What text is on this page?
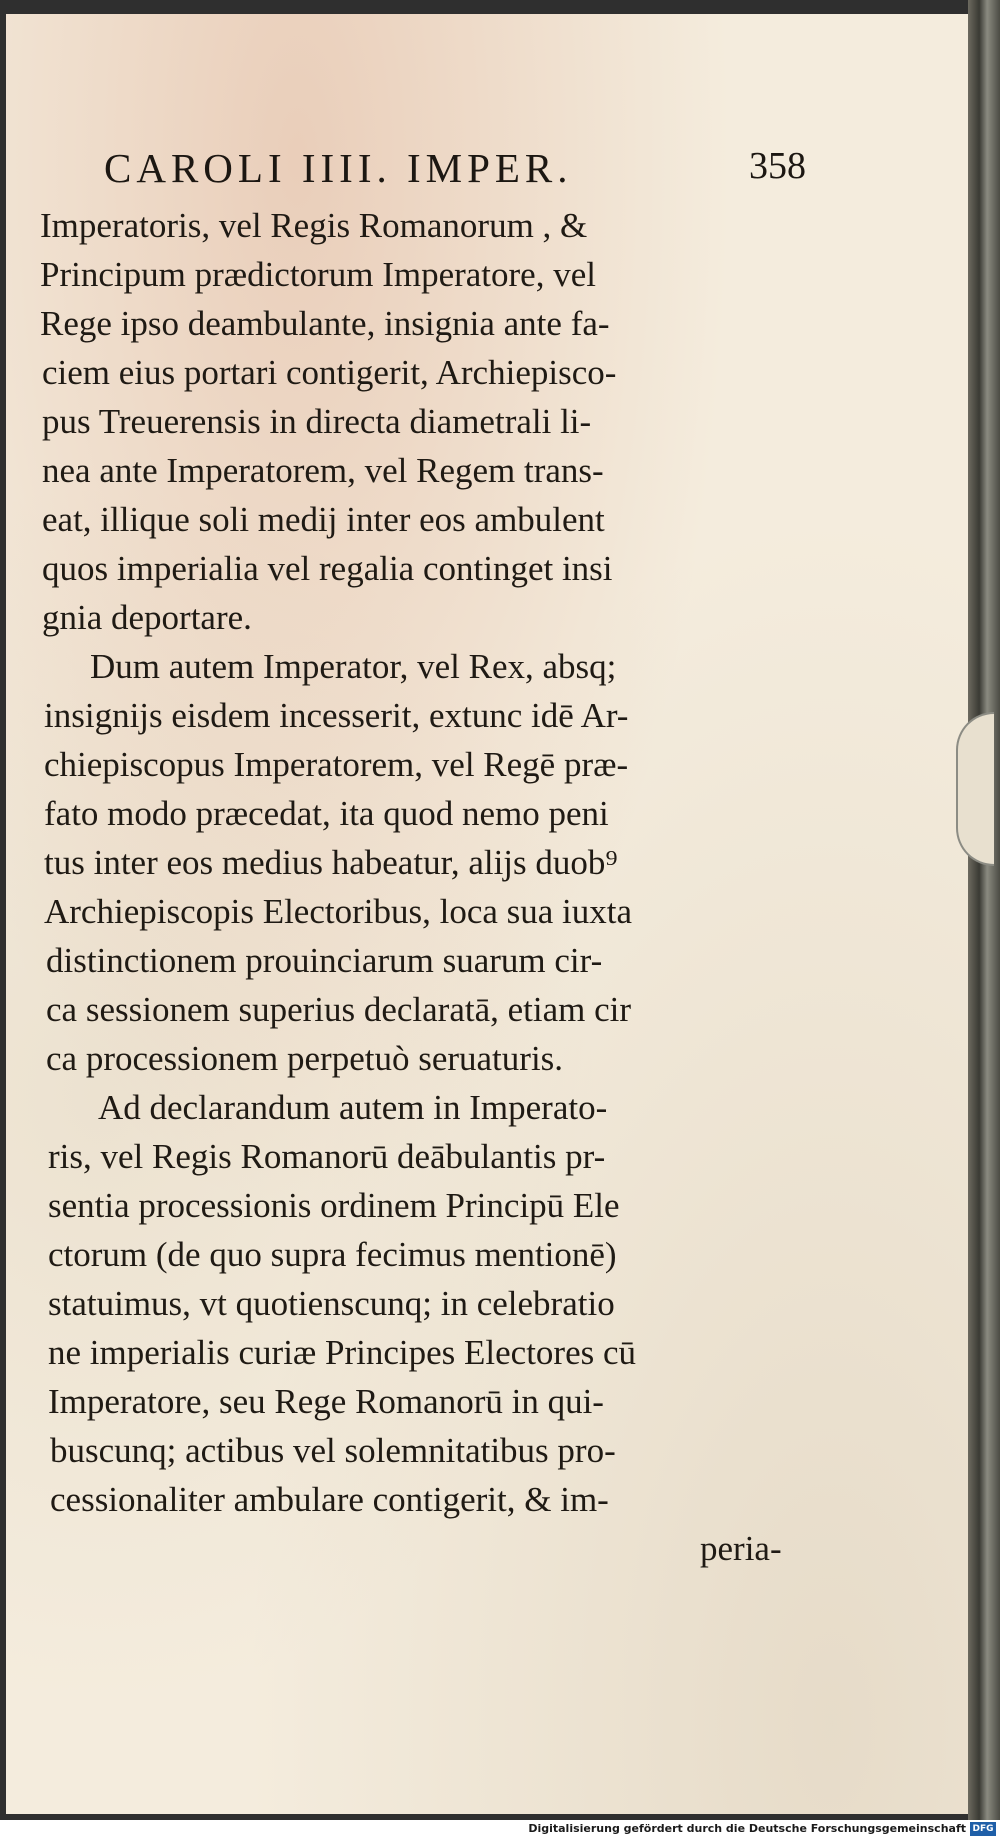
CAROLI IIII. IMPER.	358
Imperatoris, vel Regis Romanorum , &
Principum prædictorum Imperatore, vel
Rege ipso deambulante, insignia ante fa-
ciem eius portari contigerit, Archiepisco-
pus Treuerensis in directa diametrali li-
nea ante Imperatorem, vel Regem trans-
eat, illique soli medij inter eos ambulent
quos imperialia vel regalia continget insi
gnia deportare.
Dum autem Imperator, vel Rex, absq;
insignijs eisdem incesserit, extunc idē Ar-
chiepiscopus Imperatorem, vel Regē præ-
fato modo præcedat, ita quod nemo peni
tus inter eos medius habeatur, alijs duob⁹
Archiepiscopis Electoribus, loca sua iuxta
distinctionem prouinciarum suarum cir-
ca sessionem superius declaratā, etiam cir
ca processionem perpetuò seruaturis.
Ad declarandum autem in Imperato-
ris, vel Regis Romanorū deābulantis pr-
sentia processionis ordinem Principū Ele
ctorum (de quo supra fecimus mentionē)
statuimus, vt quotienscunq; in celebratio
ne imperialis curiæ Principes Electores cū
Imperatore, seu Rege Romanorū in qui-
buscunq; actibus vel solemnitatibus pro-
cessionaliter ambulare contigerit, & im-
peria-
Digitalisierung gefördert durch die Deutsche Forschungsgemeinschaft DFG
